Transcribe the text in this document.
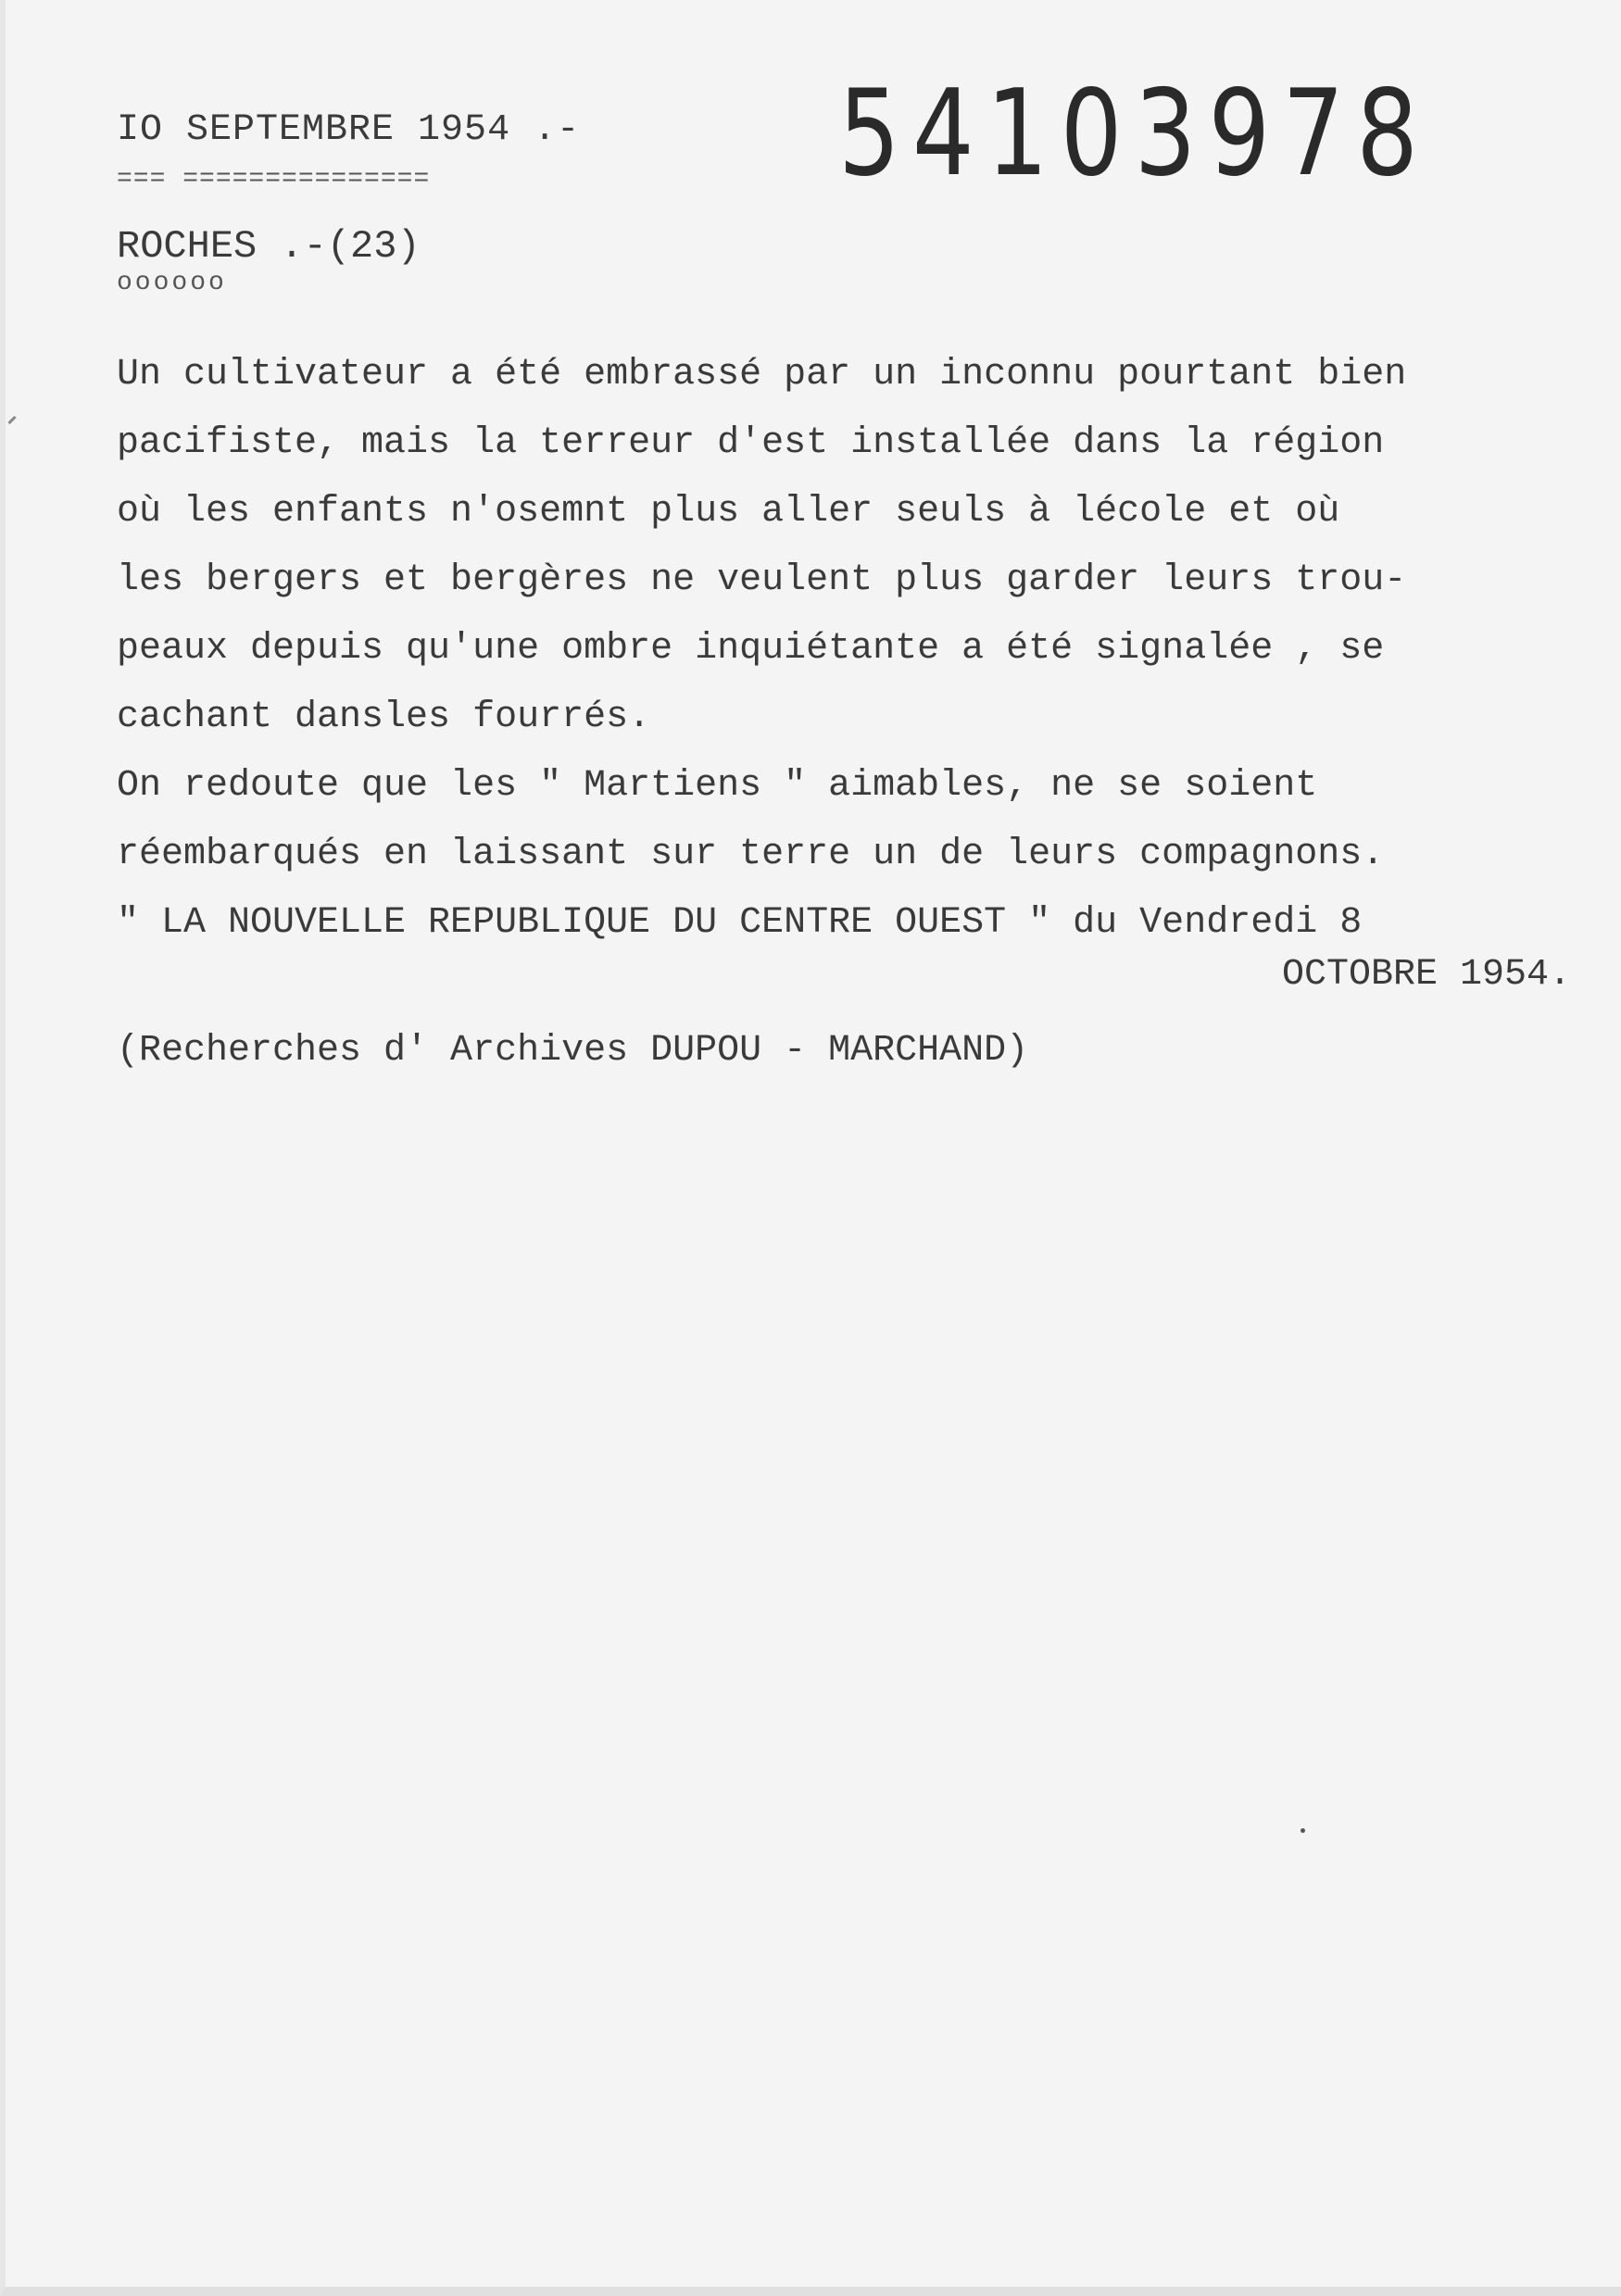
IO SEPTEMBRE 1954 .-
=== ===============	54103978
ROCHES .-(23)
oooooo
Un cultivateur a été embrassé par un inconnu pourtant bien
pacifiste, mais la terreur d'est installée dans la région
où les enfants n'osemnt plus aller seuls à lécole et où
les bergers et bergères ne veulent plus garder leurs trou-
peaux depuis qu'une ombre inquiétante a été signalée , se
cachant dansles fourrés.
On redoute que les " Martiens " aimables, ne se soient
réembarqués en laissant sur terre un de leurs compagnons.
" LA NOUVELLE REPUBLIQUE DU CENTRE OUEST " du Vendredi 8
OCTOBRE 1954.
(Recherches d' Archives DUPOU - MARCHAND)
